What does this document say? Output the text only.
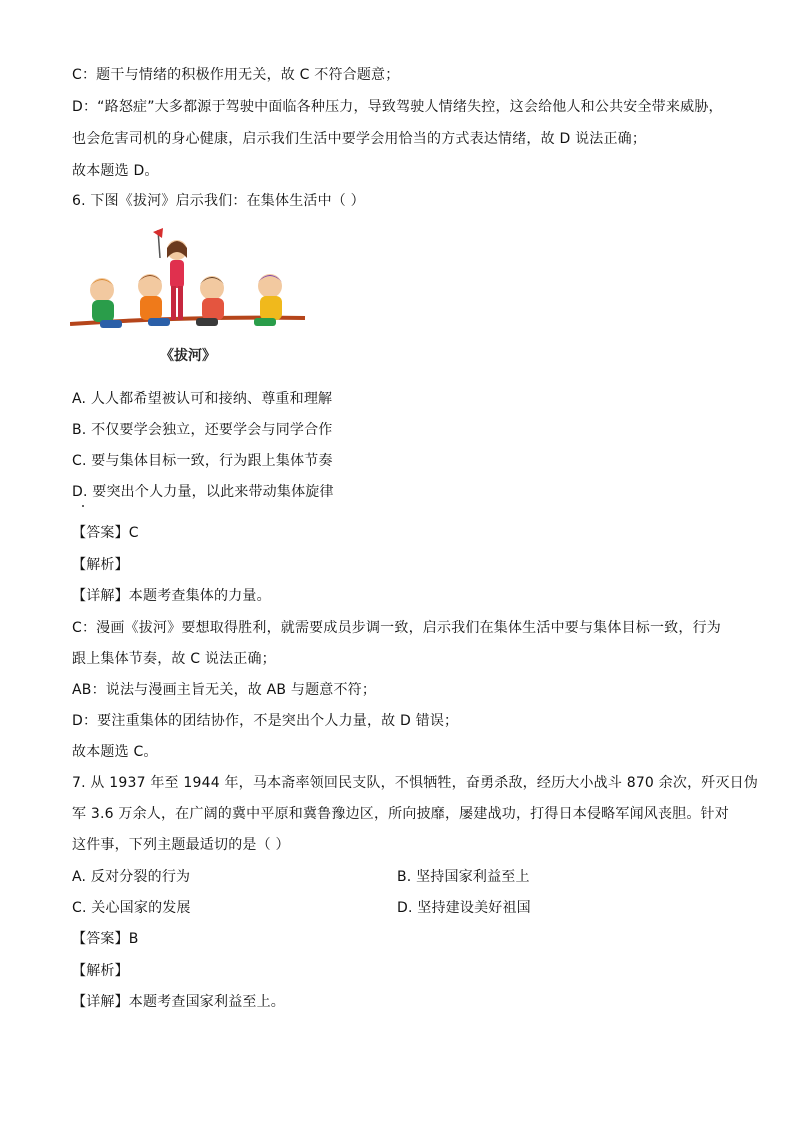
C：题干与情绪的积极作用无关，故 C 不符合题意；
D：“路怒症”大多都源于驾驶中面临各种压力，导致驾驶人情绪失控，这会给他人和公共安全带来威胁，
也会危害司机的身心健康，启示我们生活中要学会用恰当的方式表达情绪，故 D 说法正确；
故本题选 D。
6. 下图《拔河》启示我们：在集体生活中（ ）
《拔河》
A. 人人都希望被认可和接纳、尊重和理解
B. 不仅要学会独立，还要学会与同学合作
C. 要与集体目标一致，行为跟上集体节奏
D. 要突出个人力量，以此来带动集体旋律
【答案】C
【解析】
【详解】本题考查集体的力量。
C：漫画《拔河》要想取得胜利，就需要成员步调一致，启示我们在集体生活中要与集体目标一致，行为
跟上集体节奏，故 C 说法正确；
AB：说法与漫画主旨无关，故 AB 与题意不符；
D：要注重集体的团结协作，不是突出个人力量，故 D 错误；
故本题选 C。
7. 从 1937 年至 1944 年，马本斋率领回民支队，不惧牺牲，奋勇杀敌，经历大小战斗 870 余次，歼灭日伪
军 3.6 万余人，在广阔的冀中平原和冀鲁豫边区，所向披靡，屡建战功，打得日本侵略军闻风丧胆。针对
这件事，下列主题最适切的是（ ）
A. 反对分裂的行为	B. 坚持国家利益至上
C. 关心国家的发展	D. 坚持建设美好祖国
【答案】B
【解析】
【详解】本题考查国家利益至上。
